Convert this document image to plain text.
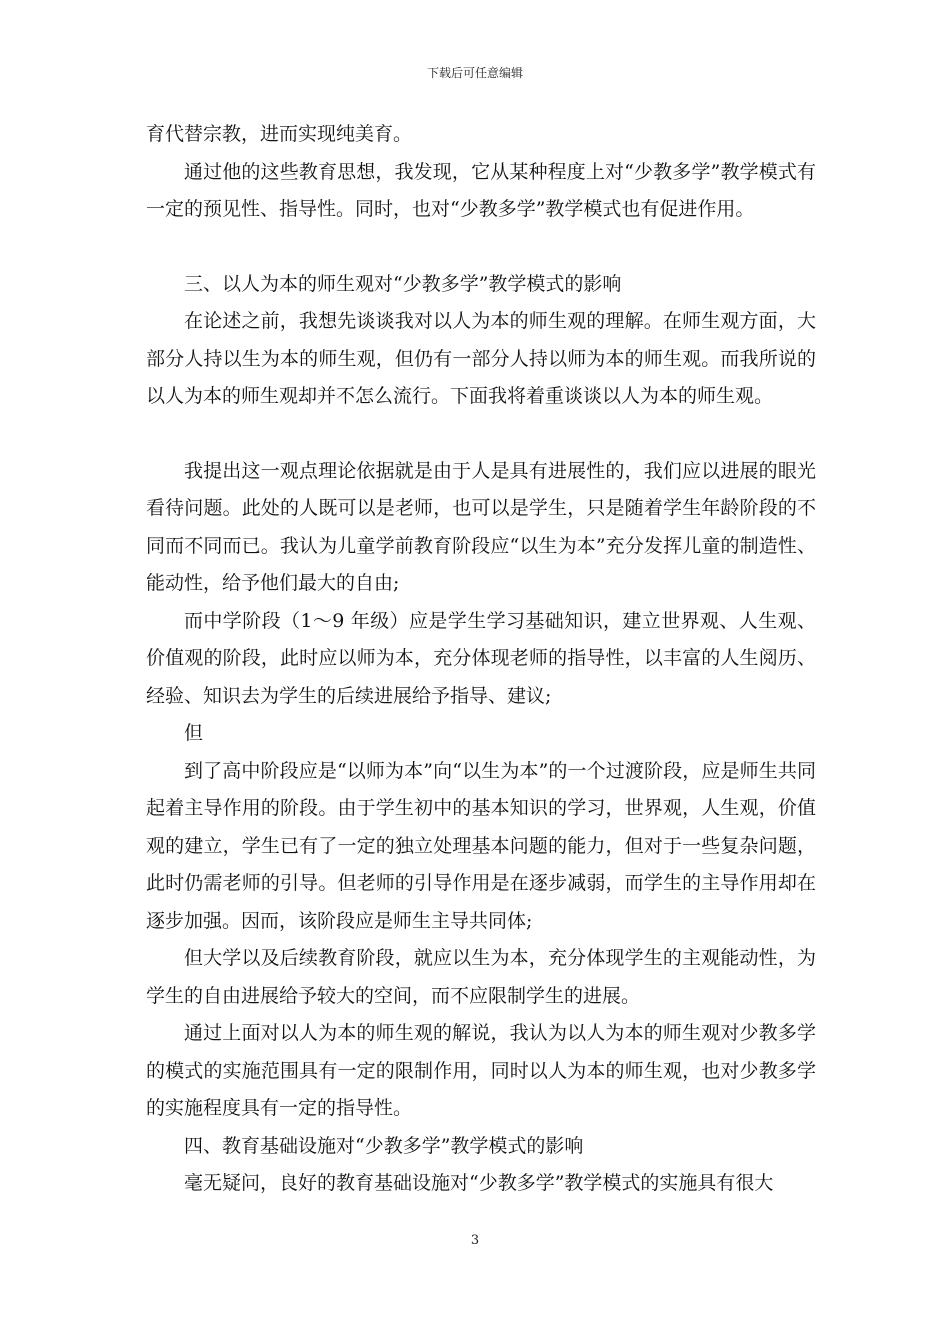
下载后可任意编辑

育代替宗教，进而实现纯美育。

通过他的这些教育思想，我发现，它从某种程度上对“少教多学”教学模式有一定的预见性、指导性。同时，也对“少教多学”教学模式也有促进作用。

三、以人为本的师生观对“少教多学”教学模式的影响

在论述之前，我想先谈谈我对以人为本的师生观的理解。在师生观方面，大部分人持以生为本的师生观，但仍有一部分人持以师为本的师生观。而我所说的以人为本的师生观却并不怎么流行。下面我将着重谈谈以人为本的师生观。

我提出这一观点理论依据就是由于人是具有进展性的，我们应以进展的眼光看待问题。此处的人既可以是老师，也可以是学生，只是随着学生年龄阶段的不同而不同而已。我认为儿童学前教育阶段应“以生为本”充分发挥儿童的制造性、能动性，给予他们最大的自由;

而中学阶段（1～9 年级）应是学生学习基础知识，建立世界观、人生观、价值观的阶段，此时应以师为本，充分体现老师的指导性，以丰富的人生阅历、经验、知识去为学生的后续进展给予指导、建议;

但

到了高中阶段应是“以师为本”向“以生为本”的一个过渡阶段，应是师生共同起着主导作用的阶段。由于学生初中的基本知识的学习，世界观，人生观，价值观的建立，学生已有了一定的独立处理基本问题的能力，但对于一些复杂问题，此时仍需老师的引导。但老师的引导作用是在逐步减弱，而学生的主导作用却在逐步加强。因而，该阶段应是师生主导共同体;

但大学以及后续教育阶段，就应以生为本，充分体现学生的主观能动性，为学生的自由进展给予较大的空间，而不应限制学生的进展。

通过上面对以人为本的师生观的解说，我认为以人为本的师生观对少教多学的模式的实施范围具有一定的限制作用，同时以人为本的师生观，也对少教多学的实施程度具有一定的指导性。

四、教育基础设施对“少教多学”教学模式的影响

毫无疑问，良好的教育基础设施对“少教多学”教学模式的实施具有很大

3
